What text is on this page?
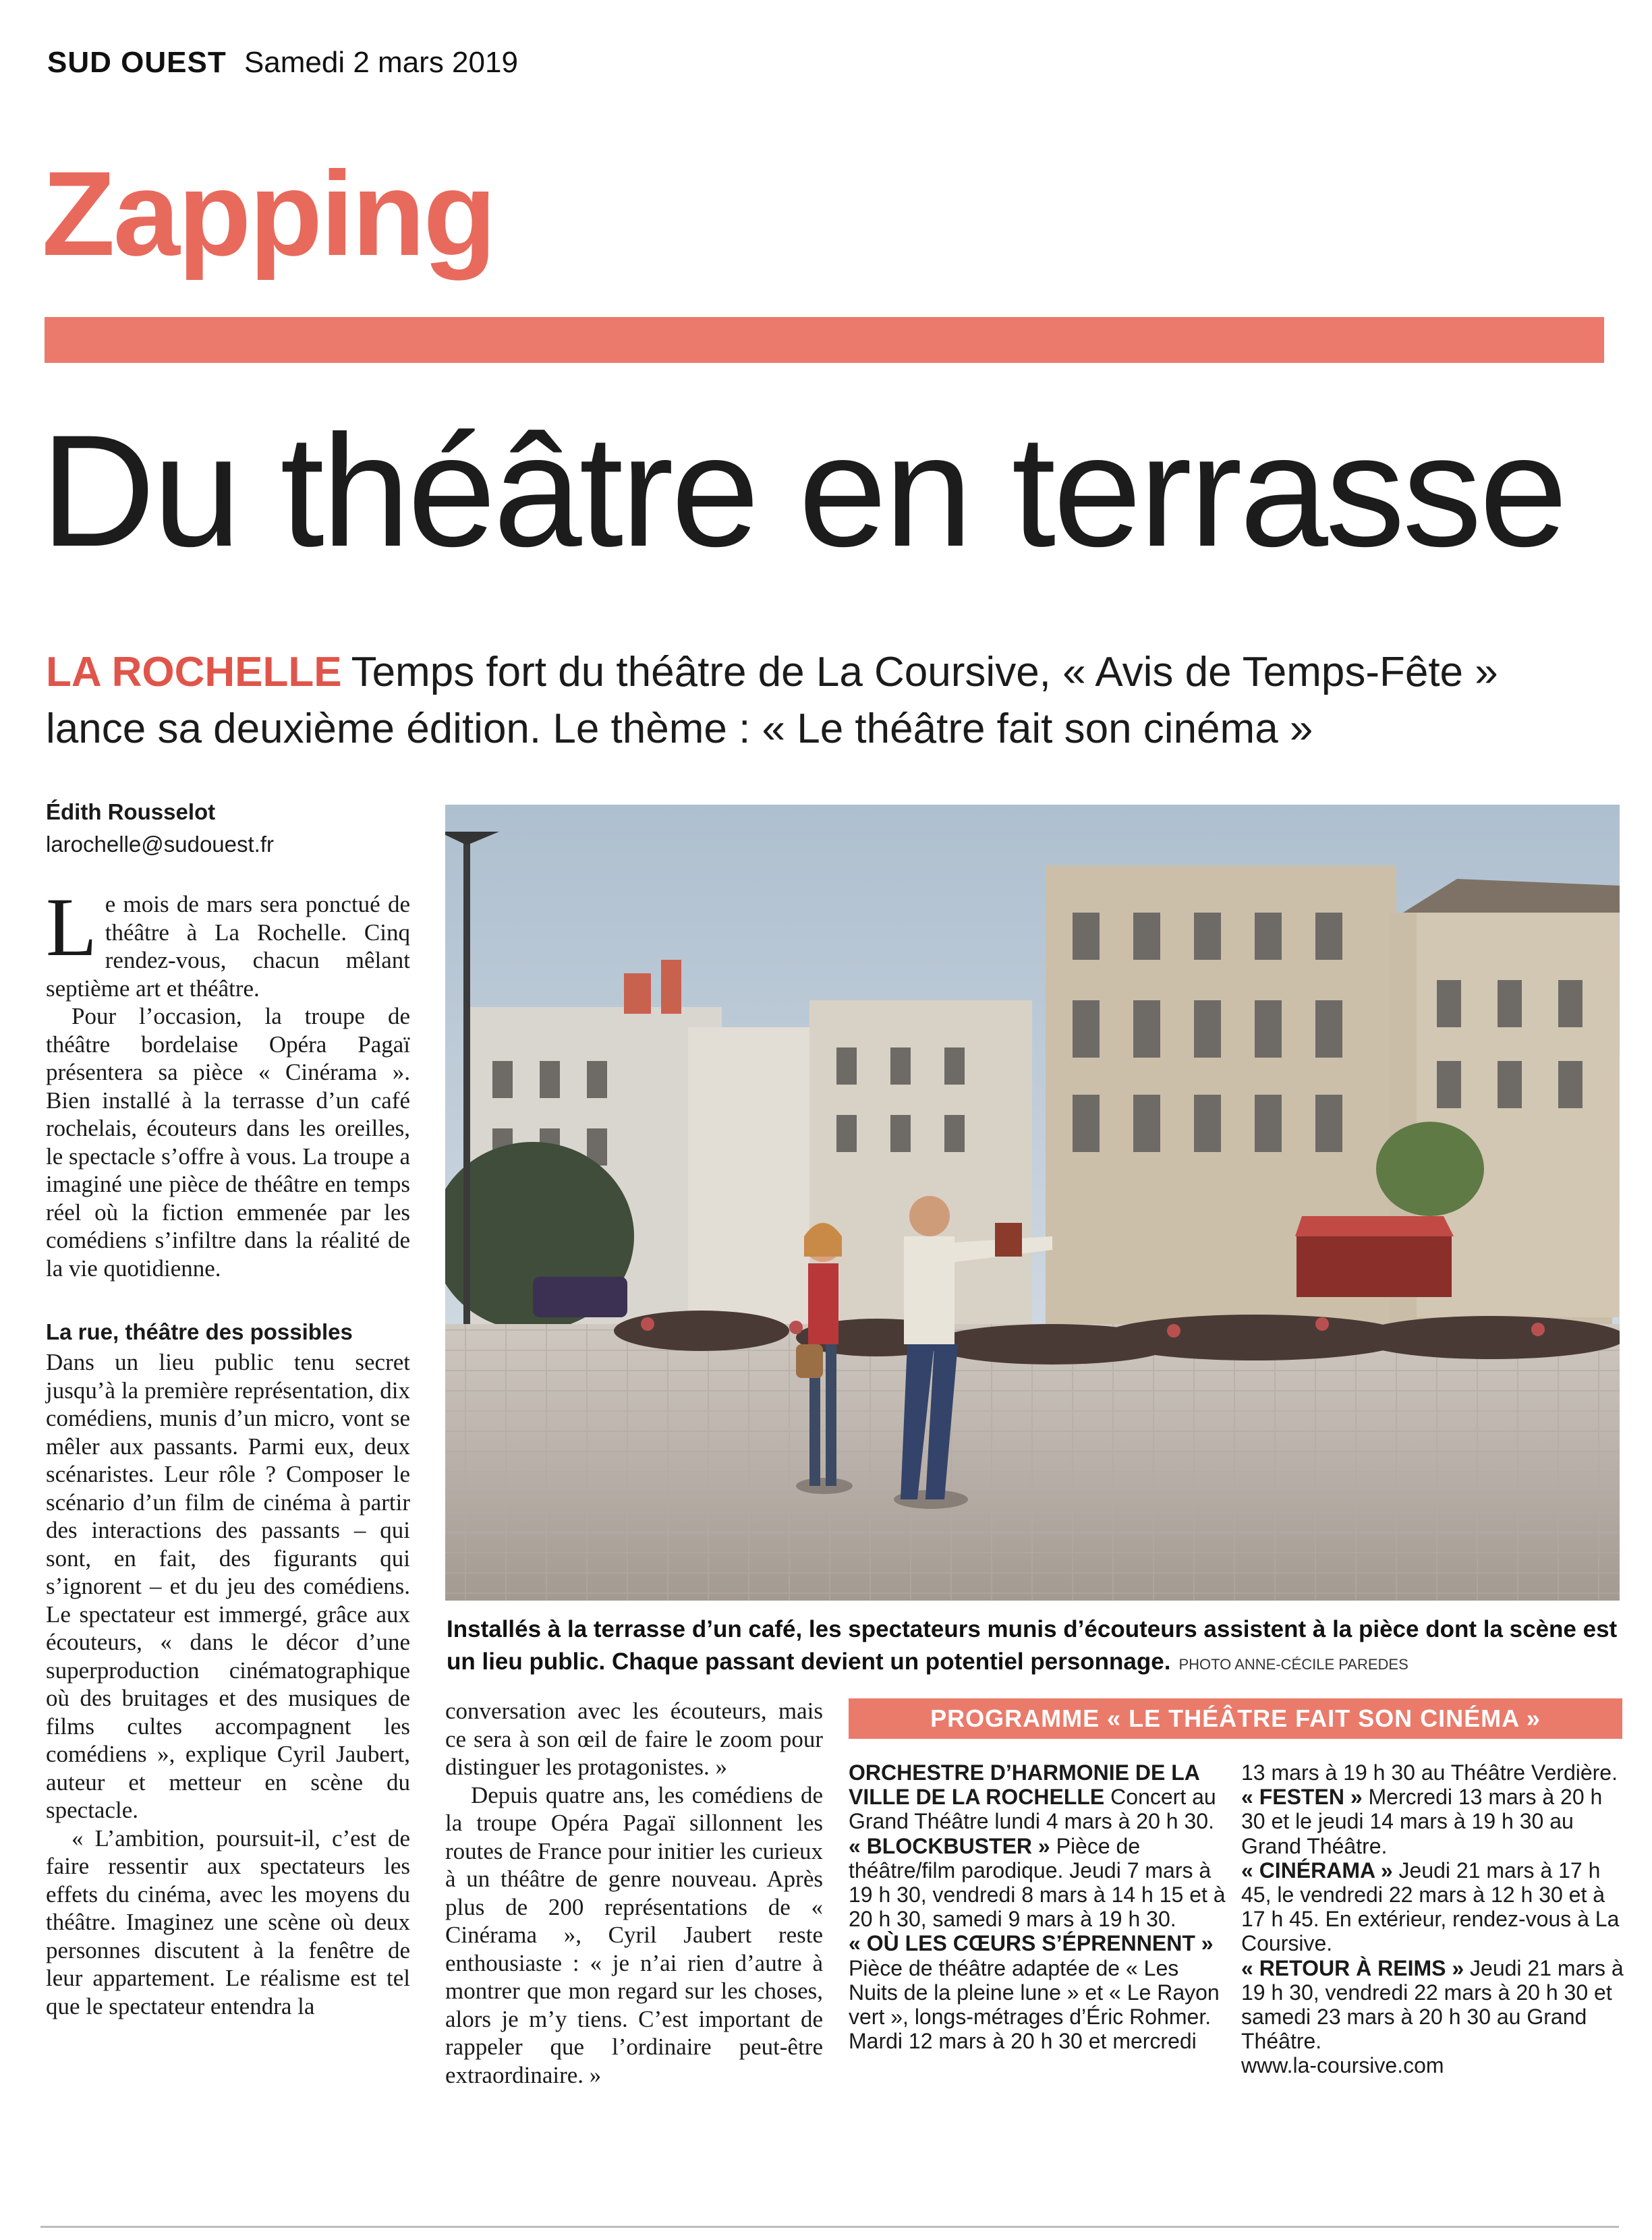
SUD OUEST Samedi 2 mars 2019
Zapping
Du théâtre en terrasse
LA ROCHELLE Temps fort du théâtre de La Coursive, « Avis de Temps-Fête » lance sa deuxième édition. Le thème : « Le théâtre fait son cinéma »
Édith Rousselot
larochelle@sudouest.fr
Installés à la terrasse d’un café, les spectateurs munis d’écouteurs assistent à la pièce dont la scène est un lieu public. Chaque passant devient un potentiel personnage. PHOTO ANNE-CÉCILE PAREDES

Le mois de mars sera ponctué de théâtre à La Rochelle. Cinq rendez-vous, chacun mêlant septième art et théâtre.

Pour l’occasion, la troupe de théâtre bordelaise Opéra Pagaï présentera sa pièce « Cinérama ». Bien installé à la terrasse d’un café rochelais, écouteurs dans les oreilles, le spectacle s’offre à vous. La troupe a imaginé une pièce de théâtre en temps réel où la fiction emmenée par les comédiens s’infiltre dans la réalité de la vie quotidienne.

La rue, théâtre des possibles

Dans un lieu public tenu secret jusqu’à la première représentation, dix comédiens, munis d’un micro, vont se mêler aux passants. Parmi eux, deux scénaristes. Leur rôle ? Composer le scénario d’un film de cinéma à partir des interactions des passants – qui sont, en fait, des figurants qui s’ignorent – et du jeu des comédiens. Le spectateur est immergé, grâce aux écouteurs, « dans le décor d’une superproduction cinématographique où des bruitages et des musiques de films cultes accompagnent les comédiens », explique Cyril Jaubert, auteur et metteur en scène du spectacle.

« L’ambition, poursuit-il, c’est de faire ressentir aux spectateurs les effets du cinéma, avec les moyens du théâtre. Imaginez une scène où deux personnes discutent à la fenêtre de leur appartement. Le réalisme est tel que le spectateur entendra la

conversation avec les écouteurs, mais ce sera à son œil de faire le zoom pour distinguer les protagonistes. »

Depuis quatre ans, les comédiens de la troupe Opéra Pagaï sillonnent les routes de France pour initier les curieux à un théâtre de genre nouveau. Après plus de 200 représentations de « Cinérama », Cyril Jaubert reste enthousiaste : « je n’ai rien d’autre à montrer que mon regard sur les choses, alors je m’y tiens. C’est important de rappeler que l’ordinaire peut-être extraordinaire. »

PROGRAMME « LE THÉÂTRE FAIT SON CINÉMA »
ORCHESTRE D’HARMONIE DE LA VILLE DE LA ROCHELLE Concert au Grand Théâtre lundi 4 mars à 20 h 30.
« BLOCKBUSTER » Pièce de théâtre/film parodique. Jeudi 7 mars à 19 h 30, vendredi 8 mars à 14 h 15 et à 20 h 30, samedi 9 mars à 19 h 30.
« OÙ LES CŒURS S’ÉPRENNENT » Pièce de théâtre adaptée de « Les Nuits de la pleine lune » et « Le Rayon vert », longs-métrages d’Éric Rohmer. Mardi 12 mars à 20 h 30 et mercredi
13 mars à 19 h 30 au Théâtre Verdière.
« FESTEN » Mercredi 13 mars à 20 h 30 et le jeudi 14 mars à 19 h 30 au Grand Théâtre.
« CINÉRAMA » Jeudi 21 mars à 17 h 45, le vendredi 22 mars à 12 h 30 et à 17 h 45. En extérieur, rendez-vous à La Coursive.
« RETOUR À REIMS » Jeudi 21 mars à 19 h 30, vendredi 22 mars à 20 h 30 et samedi 23 mars à 20 h 30 au Grand Théâtre.
www.la-coursive.com
